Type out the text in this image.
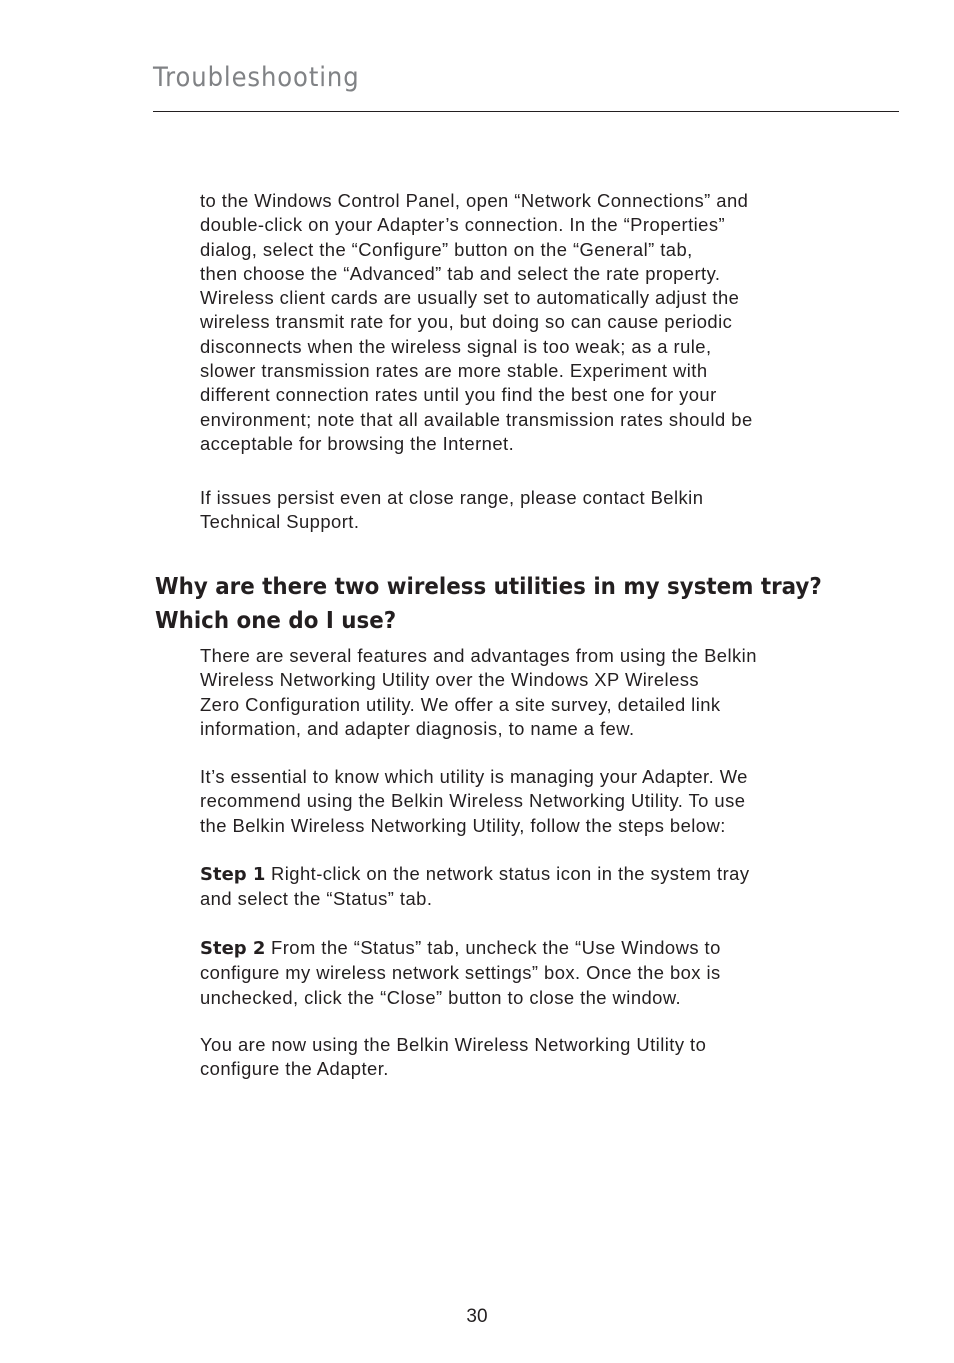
Troubleshooting

to the Windows Control Panel, open “Network Connections” and
double-click on your Adapter’s connection. In the “Properties”
dialog, select the “Configure” button on the “General” tab,
then choose the “Advanced” tab and select the rate property.
Wireless client cards are usually set to automatically adjust the
wireless transmit rate for you, but doing so can cause periodic
disconnects when the wireless signal is too weak; as a rule,
slower transmission rates are more stable. Experiment with
different connection rates until you find the best one for your
environment; note that all available transmission rates should be
acceptable for browsing the Internet.

If issues persist even at close range, please contact Belkin
Technical Support.

Why are there two wireless utilities in my system tray?
Which one do I use?

There are several features and advantages from using the Belkin
Wireless Networking Utility over the Windows XP Wireless
Zero Configuration utility. We offer a site survey, detailed link
information, and adapter diagnosis, to name a few.

It’s essential to know which utility is managing your Adapter. We
recommend using the Belkin Wireless Networking Utility. To use
the Belkin Wireless Networking Utility, follow the steps below:

Step 1 Right-click on the network status icon in the system tray
and select the “Status” tab.

Step 2 From the “Status” tab, uncheck the “Use Windows to
configure my wireless network settings” box. Once the box is
unchecked, click the “Close” button to close the window.

You are now using the Belkin Wireless Networking Utility to
configure the Adapter.

30
